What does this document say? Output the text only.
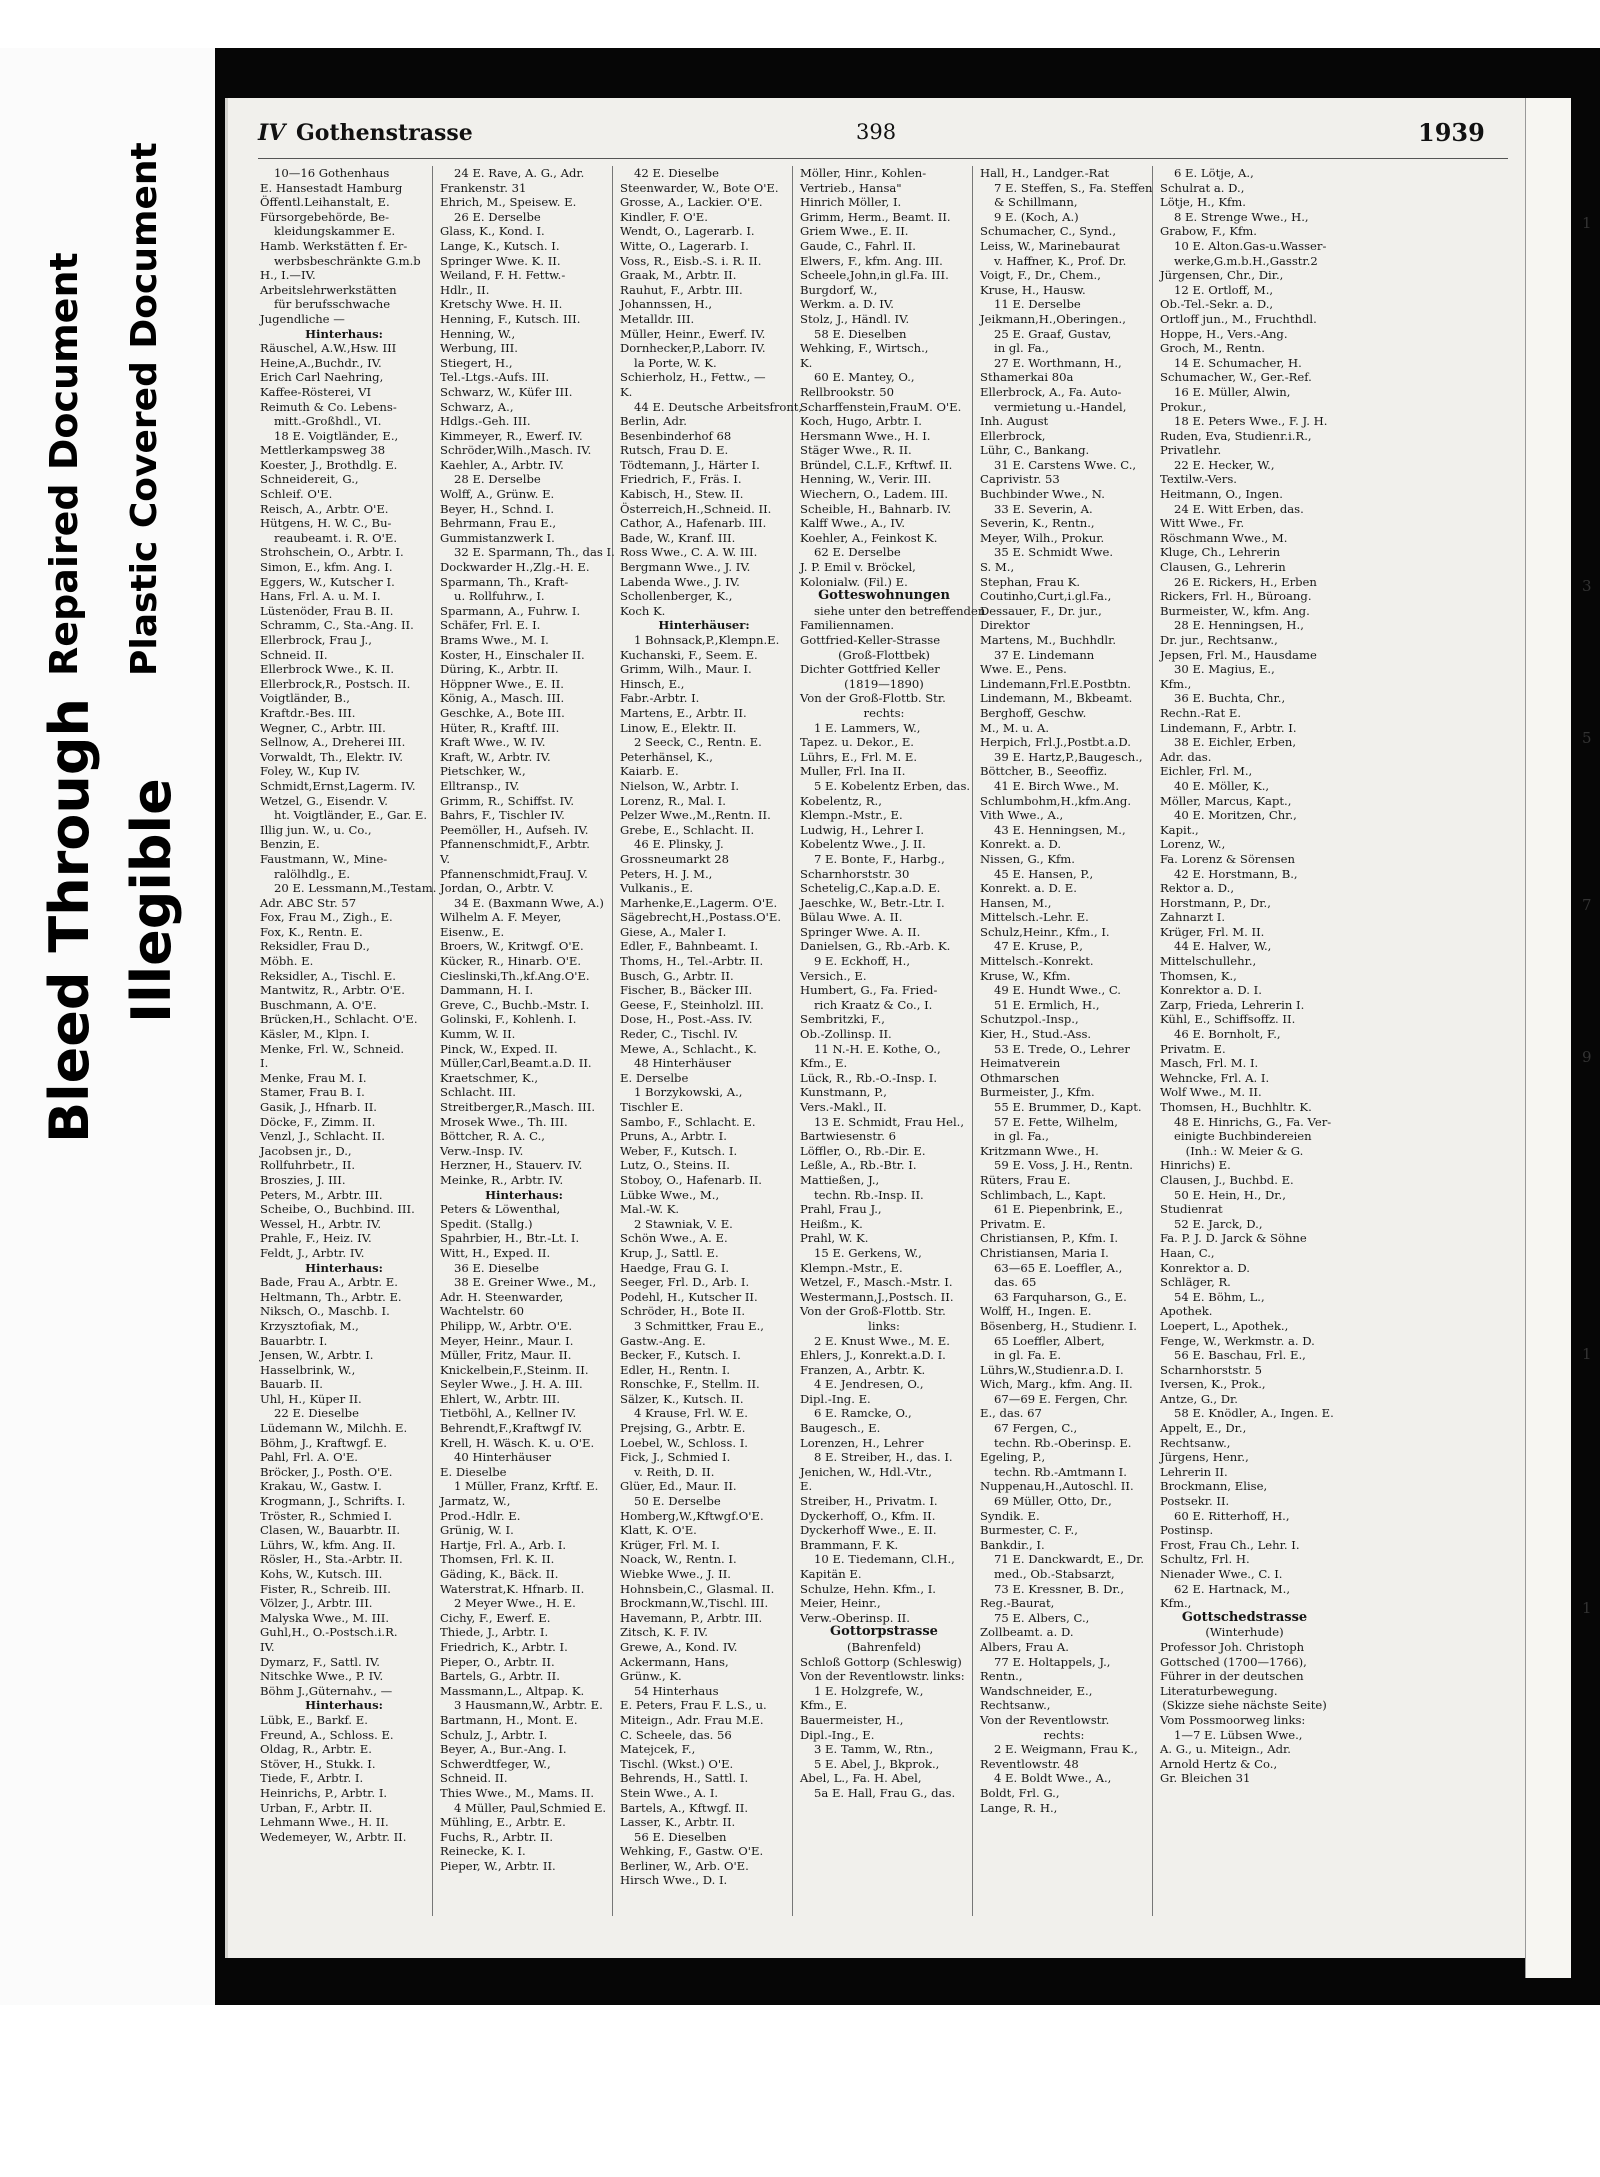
Bleed Through
Repaired Document
Illegible
Plastic Covered Document
IV Gothenstrasse	398	1939

10—16 Gothenhaus

E. Hansestadt Hamburg

Öffentl.Leihanstalt, E.

Fürsorgebehörde, Be-

kleidungskammer E.

Hamb. Werkstätten f. Er-

werbsbeschränkte G.m.b

H., I.—IV.

Arbeitslehrwerkstätten

für berufsschwache

Jugendliche —

Hinterhaus:

Räuschel, A.W.,Hsw. III

Heine,A.,Buchdr., IV.

Erich Carl Naehring,

Kaffee-Rösterei, VI

Reimuth & Co. Lebens-

mitt.-Großhdl., VI.

18 E. Voigtländer, E.,

Mettlerkampsweg 38

Koester, J., Brothdlg. E.

Schneidereit, G.,

Schleif. O'E.

Reisch, A., Arbtr. O'E.

Hütgens, H. W. C., Bu-

reaubeamt. i. R. O'E.

Strohschein, O., Arbtr. I.

Simon, E., kfm. Ang. I.

Eggers, W., Kutscher I.

Hans, Frl. A. u. M. I.

Lüstenöder, Frau B. II.

Schramm, C., Sta.-Ang. II.

Ellerbrock, Frau J.,

Schneid. II.

Ellerbrock Wwe., K. II.

Ellerbrock,R., Postsch. II.

Voigtländer, B.,

Kraftdr.-Bes. III.

Wegner, C., Arbtr. III.

Sellnow, A., Dreherei III.

Vorwaldt, Th., Elektr. IV.

Foley, W., Kup IV.

Schmidt,Ernst,Lagerm. IV.

Wetzel, G., Eisendr. V.

ht. Voigtländer, E., Gar. E.

Illig jun. W., u. Co.,

Benzin, E.

Faustmann, W., Mine-

ralölhdlg., E.

20 E. Lessmann,M.,Testam.

Adr. ABC Str. 57

Fox, Frau M., Zigh., E.

Fox, K., Rentn. E.

Reksidler, Frau D.,

Möbh. E.

Reksidler, A., Tischl. E.

Mantwitz, R., Arbtr. O'E.

Buschmann, A. O'E.

Brücken,H., Schlacht. O'E.

Käsler, M., Klpn. I.

Menke, Frl. W., Schneid.

I.

Menke, Frau M. I.

Stamer, Frau B. I.

Gasik, J., Hfnarb. II.

Döcke, F., Zimm. II.

Venzl, J., Schlacht. II.

Jacobsen jr., D.,

Rollfuhrbetr., II.

Broszies, J. III.

Peters, M., Arbtr. III.

Scheibe, O., Buchbind. III.

Wessel, H., Arbtr. IV.

Prahle, F., Heiz. IV.

Feldt, J., Arbtr. IV.

Hinterhaus:

Bade, Frau A., Arbtr. E.

Heltmann, Th., Arbtr. E.

Niksch, O., Maschb. I.

Krzysztofiak, M.,

Bauarbtr. I.

Jensen, W., Arbtr. I.

Hasselbrink, W.,

Bauarb. II.

Uhl, H., Küper II.

22 E. Dieselbe

Lüdemann W., Milchh. E.

Böhm, J., Kraftwgf. E.

Pahl, Frl. A. O'E.

Bröcker, J., Posth. O'E.

Krakau, W., Gastw. I.

Krogmann, J., Schrifts. I.

Tröster, R., Schmied I.

Clasen, W., Bauarbtr. II.

Lührs, W., kfm. Ang. II.

Rösler, H., Sta.-Arbtr. II.

Kohs, W., Kutsch. III.

Fister, R., Schreib. III.

Völzer, J., Arbtr. III.

Malyska Wwe., M. III.

Guhl,H., O.-Postsch.i.R.

IV.

Dymarz, F., Sattl. IV.

Nitschke Wwe., P. IV.

Böhm J.,Güternahv., —

Hinterhaus:

Lübk, E., Barkf. E.

Freund, A., Schloss. E.

Oldag, R., Arbtr. E.

Stöver, H., Stukk. I.

Tiede, F., Arbtr. I.

Heinrichs, P., Arbtr. I.

Urban, F., Arbtr. II.

Lehmann Wwe., H. II.

Wedemeyer, W., Arbtr. II.

24 E. Rave, A. G., Adr.

Frankenstr. 31

Ehrich, M., Speisew. E.

26 E. Derselbe

Glass, K., Kond. I.

Lange, K., Kutsch. I.

Springer Wwe. K. II.

Weiland, F. H. Fettw.-

Hdlr., II.

Kretschy Wwe. H. II.

Henning, F., Kutsch. III.

Henning, W.,

Werbung, III.

Stiegert, H.,

Tel.-Ltgs.-Aufs. III.

Schwarz, W., Küfer III.

Schwarz, A.,

Hdlgs.-Geh. III.

Kimmeyer, R., Ewerf. IV.

Schröder,Wilh.,Masch. IV.

Kaehler, A., Arbtr. IV.

28 E. Derselbe

Wolff, A., Grünw. E.

Beyer, H., Schnd. I.

Behrmann, Frau E.,

Gummistanzwerk I.

32 E. Sparmann, Th., das I.

Dockwarder H.,Zlg.-H. E.

Sparmann, Th., Kraft-

u. Rollfuhrw., I.

Sparmann, A., Fuhrw. I.

Schäfer, Frl. E. I.

Brams Wwe., M. I.

Koster, H., Einschaler II.

Düring, K., Arbtr. II.

Höppner Wwe., E. II.

König, A., Masch. III.

Geschke, A., Bote III.

Hüter, R., Kraftf. III.

Kraft Wwe., W. IV.

Kraft, W., Arbtr. IV.

Pietschker, W.,

Elltransp., IV.

Grimm, R., Schiffst. IV.

Bahrs, F., Tischler IV.

Peemöller, H., Aufseh. IV.

Pfannenschmidt,F., Arbtr.

V.

Pfannenschmidt,FrauJ. V.

Jordan, O., Arbtr. V.

34 E. (Baxmann Wwe, A.)

Wilhelm A. F. Meyer,

Eisenw., E.

Broers, W., Kritwgf. O'E.

Kücker, R., Hinarb. O'E.

Cieslinski,Th.,kf.Ang.O'E.

Dammann, H. I.

Greve, C., Buchb.-Mstr. I.

Golinski, F., Kohlenh. I.

Kumm, W. II.

Pinck, W., Exped. II.

Müller,Carl,Beamt.a.D. II.

Kraetschmer, K.,

Schlacht. III.

Streitberger,R.,Masch. III.

Mrosek Wwe., Th. III.

Böttcher, R. A. C.,

Verw.-Insp. IV.

Herzner, H., Stauerv. IV.

Meinke, R., Arbtr. IV.

Hinterhaus:

Peters & Löwenthal,

Spedit. (Stallg.)

Spahrbier, H., Btr.-Lt. I.

Witt, H., Exped. II.

36 E. Dieselbe

38 E. Greiner Wwe., M.,

Adr. H. Steenwarder,

Wachtelstr. 60

Philipp, W., Arbtr. O'E.

Meyer, Heinr., Maur. I.

Müller, Fritz, Maur. II.

Knickelbein,F.,Steinm. II.

Seyler Wwe., J. H. A. III.

Ehlert, W., Arbtr. III.

Tietböhl, A., Kellner IV.

Behrendt,F.,Kraftwgf IV.

Krell, H. Wäsch. K. u. O'E.

40 Hinterhäuser

E. Dieselbe

1 Müller, Franz, Krftf. E.

Jarmatz, W.,

Prod.-Hdlr. E.

Grünig, W. I.

Hartje, Frl. A., Arb. I.

Thomsen, Frl. K. II.

Gäding, K., Bäck. II.

Waterstrat,K. Hfnarb. II.

2 Meyer Wwe., H. E.

Cichy, F., Ewerf. E.

Thiede, J., Arbtr. I.

Friedrich, K., Arbtr. I.

Pieper, O., Arbtr. II.

Bartels, G., Arbtr. II.

Massmann,L., Altpap. K.

3 Hausmann,W., Arbtr. E.

Bartmann, H., Mont. E.

Schulz, J., Arbtr. I.

Beyer, A., Bur.-Ang. I.

Schwerdtfeger, W.,

Schneid. II.

Thies Wwe., M., Mams. II.

4 Müller, Paul,Schmied E.

Mühling, E., Arbtr. E.

Fuchs, R., Arbtr. II.

Reinecke, K. I.

Pieper, W., Arbtr. II.

42 E. Dieselbe

Steenwarder, W., Bote O'E.

Grosse, A., Lackier. O'E.

Kindler, F. O'E.

Wendt, O., Lagerarb. I.

Witte, O., Lagerarb. I.

Voss, R., Eisb.-S. i. R. II.

Graak, M., Arbtr. II.

Rauhut, F., Arbtr. III.

Johannssen, H.,

Metalldr. III.

Müller, Heinr., Ewerf. IV.

Dornhecker,P.,Laborr. IV.

la Porte, W. K.

Schierholz, H., Fettw., —

K.

44 E. Deutsche Arbeitsfront,

Berlin, Adr.

Besenbinderhof 68

Rutsch, Frau D. E.

Tödtemann, J., Härter I.

Friedrich, F., Fräs. I.

Kabisch, H., Stew. II.

Österreich,H.,Schneid. II.

Cathor, A., Hafenarb. III.

Bade, W., Kranf. III.

Ross Wwe., C. A. W. III.

Bergmann Wwe., J. IV.

Labenda Wwe., J. IV.

Schollenberger, K.,

Koch K.

Hinterhäuser:

1 Bohnsack,P.,Klempn.E.

Kuchanski, F., Seem. E.

Grimm, Wilh., Maur. I.

Hinsch, E.,

Fabr.-Arbtr. I.

Martens, E., Arbtr. II.

Linow, E., Elektr. II.

2 Seeck, C., Rentn. E.

Peterhänsel, K.,

Kaiarb. E.

Nielson, W., Arbtr. I.

Lorenz, R., Mal. I.

Pelzer Wwe.,M.,Rentn. II.

Grebe, E., Schlacht. II.

46 E. Plinsky, J.

Grossneumarkt 28

Peters, H. J. M.,

Vulkanis., E.

Marhenke,E.,Lagerm. O'E.

Sägebrecht,H.,Postass.O'E.

Giese, A., Maler I.

Edler, F., Bahnbeamt. I.

Thoms, H., Tel.-Arbtr. II.

Busch, G., Arbtr. II.

Fischer, B., Bäcker III.

Geese, F., Steinholzl. III.

Dose, H., Post.-Ass. IV.

Reder, C., Tischl. IV.

Mewe, A., Schlacht., K.

48 Hinterhäuser

E. Derselbe

1 Borzykowski, A.,

Tischler E.

Sambo, F., Schlacht. E.

Pruns, A., Arbtr. I.

Weber, F., Kutsch. I.

Lutz, O., Steins. II.

Stoboy, O., Hafenarb. II.

Lübke Wwe., M.,

Mal.-W. K.

2 Stawniak, V. E.

Schön Wwe., A. E.

Krup, J., Sattl. E.

Haedge, Frau G. I.

Seeger, Frl. D., Arb. I.

Podehl, H., Kutscher II.

Schröder, H., Bote II.

3 Schmittker, Frau E.,

Gastw.-Ang. E.

Becker, F., Kutsch. I.

Edler, H., Rentn. I.

Ronschke, F., Stellm. II.

Sälzer, K., Kutsch. II.

4 Krause, Frl. W. E.

Prejsing, G., Arbtr. E.

Loebel, W., Schloss. I.

Fick, J., Schmied I.

v. Reith, D. II.

Glüer, Ed., Maur. II.

50 E. Derselbe

Homberg,W.,Kftwgf.O'E.

Klatt, K. O'E.

Krüger, Frl. M. I.

Noack, W., Rentn. I.

Wiebke Wwe., J. II.

Hohnsbein,C., Glasmal. II.

Brockmann,W.,Tischl. III.

Havemann, P., Arbtr. III.

Zitsch, K. F. IV.

Grewe, A., Kond. IV.

Ackermann, Hans,

Grünw., K.

54 Hinterhaus

E. Peters, Frau F. L.S., u.

Miteign., Adr. Frau M.E.

C. Scheele, das. 56

Matejcek, F.,

Tischl. (Wkst.) O'E.

Behrends, H., Sattl. I.

Stein Wwe., A. I.

Bartels, A., Kftwgf. II.

Lasser, K., Arbtr. II.

56 E. Dieselben

Wehking, F., Gastw. O'E.

Berliner, W., Arb. O'E.

Hirsch Wwe., D. I.

Möller, Hinr., Kohlen-

Vertrieb., Hansa"

Hinrich Möller, I.

Grimm, Herm., Beamt. II.

Griem Wwe., E. II.

Gaude, C., Fahrl. II.

Elwers, F., kfm. Ang. III.

Scheele,John,in gl.Fa. III.

Burgdorf, W.,

Werkm. a. D. IV.

Stolz, J., Händl. IV.

58 E. Dieselben

Wehking, F., Wirtsch.,

K.

60 E. Mantey, O.,

Rellbrookstr. 50

Scharffenstein,FrauM. O'E.

Koch, Hugo, Arbtr. I.

Hersmann Wwe., H. I.

Stäger Wwe., R. II.

Bründel, C.L.F., Krftwf. II.

Henning, W., Verir. III.

Wiechern, O., Ladem. III.

Scheible, H., Bahnarb. IV.

Kalff Wwe., A., IV.

Koehler, A., Feinkost K.

62 E. Derselbe

J. P. Emil v. Bröckel,

Kolonialw. (Fil.) E.

Gotteswohnungen

siehe unter den betreffenden

Familiennamen.

Gottfried-Keller-Strasse

(Groß-Flottbek)

Dichter Gottfried Keller

(1819—1890)

Von der Groß-Flottb. Str.

rechts:

1 E. Lammers, W.,

Tapez. u. Dekor., E.

Lührs, E., Frl. M. E.

Muller, Frl. Ina II.

5 E. Kobelentz Erben, das.

Kobelentz, R.,

Klempn.-Mstr., E.

Ludwig, H., Lehrer I.

Kobelentz Wwe., J. II.

7 E. Bonte, F., Harbg.,

Scharnhorststr. 30

Schetelig,C.,Kap.a.D. E.

Jaeschke, W., Betr.-Ltr. I.

Bülau Wwe. A. II.

Springer Wwe. A. II.

Danielsen, G., Rb.-Arb. K.

9 E. Eckhoff, H.,

Versich., E.

Humbert, G., Fa. Fried-

rich Kraatz & Co., I.

Sembritzki, F.,

Ob.-Zollinsp. II.

11 N.-H. E. Kothe, O.,

Kfm., E.

Lück, R., Rb.-O.-Insp. I.

Kunstmann, P.,

Vers.-Makl., II.

13 E. Schmidt, Frau Hel.,

Bartwiesenstr. 6

Löffler, O., Rb.-Dir. E.

Leßle, A., Rb.-Btr. I.

Mattießen, J.,

techn. Rb.-Insp. II.

Prahl, Frau J.,

Heißm., K.

Prahl, W. K.

15 E. Gerkens, W.,

Klempn.-Mstr., E.

Wetzel, F., Masch.-Mstr. I.

Westermann,J.,Postsch. II.

Von der Groß-Flottb. Str.

links:

2 E. Knust Wwe., M. E.

Ehlers, J., Konrekt.a.D. I.

Franzen, A., Arbtr. K.

4 E. Jendresen, O.,

Dipl.-Ing. E.

6 E. Ramcke, O.,

Baugesch., E.

Lorenzen, H., Lehrer

8 E. Streiber, H., das. I.

Jenichen, W., Hdl.-Vtr.,

E.

Streiber, H., Privatm. I.

Dyckerhoff, O., Kfm. II.

Dyckerhoff Wwe., E. II.

Brammann, F. K.

10 E. Tiedemann, Cl.H.,

Kapitän E.

Schulze, Hehn. Kfm., I.

Meier, Heinr.,

Verw.-Oberinsp. II.

Gottorpstrasse

(Bahrenfeld)

Schloß Gottorp (Schleswig)

Von der Reventlowstr. links:

1 E. Holzgrefe, W.,

Kfm., E.

Bauermeister, H.,

Dipl.-Ing., E.

3 E. Tamm, W., Rtn.,

5 E. Abel, J., Bkprok.,

Abel, L., Fa. H. Abel,

5a E. Hall, Frau G., das.

Hall, H., Landger.-Rat

7 E. Steffen, S., Fa. Steffen

& Schillmann,

9 E. (Koch, A.)

Schumacher, C., Synd.,

Leiss, W., Marinebaurat

v. Haffner, K., Prof. Dr.

Voigt, F., Dr., Chem.,

Kruse, H., Hausw.

11 E. Derselbe

Jeikmann,H.,Oberingen.,

25 E. Graaf, Gustav,

in gl. Fa.,

27 E. Worthmann, H.,

Sthamerkai 80a

Ellerbrock, A., Fa. Auto-

vermietung u.-Handel,

Inh. August

Ellerbrock,

Lühr, C., Bankang.

31 E. Carstens Wwe. C.,

Caprivistr. 53

Buchbinder Wwe., N.

33 E. Severin, A.

Severin, K., Rentn.,

Meyer, Wilh., Prokur.

35 E. Schmidt Wwe.

S. M.,

Stephan, Frau K.

Coutinho,Curt,i.gl.Fa.,

Dessauer, F., Dr. jur.,

Direktor

Martens, M., Buchhdlr.

37 E. Lindemann

Wwe. E., Pens.

Lindemann,Frl.E.Postbtn.

Lindemann, M., Bkbeamt.

Berghoff, Geschw.

M., M. u. A.

Herpich, Frl.J.,Postbt.a.D.

39 E. Hartz,P.,Baugesch.,

Böttcher, B., Seeoffiz.

41 E. Birch Wwe., M.

Schlumbohm,H.,kfm.Ang.

Vith Wwe., A.,

43 E. Henningsen, M.,

Konrekt. a. D.

Nissen, G., Kfm.

45 E. Hansen, P.,

Konrekt. a. D. E.

Hansen, M.,

Mittelsch.-Lehr. E.

Schulz,Heinr., Kfm., I.

47 E. Kruse, P.,

Mittelsch.-Konrekt.

Kruse, W., Kfm.

49 E. Hundt Wwe., C.

51 E. Ermlich, H.,

Schutzpol.-Insp.,

Kier, H., Stud.-Ass.

53 E. Trede, O., Lehrer

Heimatverein

Othmarschen

Burmeister, J., Kfm.

55 E. Brummer, D., Kapt.

57 E. Fette, Wilhelm,

in gl. Fa.,

Kritzmann Wwe., H.

59 E. Voss, J. H., Rentn.

Rüters, Frau E.

Schlimbach, L., Kapt.

61 E. Piepenbrink, E.,

Privatm. E.

Christiansen, P., Kfm. I.

Christiansen, Maria I.

63—65 E. Loeffler, A.,

das. 65

63 Farquharson, G., E.

Wolff, H., Ingen. E.

Bösenberg, H., Studienr. I.

65 Loeffler, Albert,

in gl. Fa. E.

Lührs,W.,Studienr.a.D. I.

Wich, Marg., kfm. Ang. II.

67—69 E. Fergen, Chr.

E., das. 67

67 Fergen, C.,

techn. Rb.-Oberinsp. E.

Egeling, P.,

techn. Rb.-Amtmann I.

Nuppenau,H.,Autoschl. II.

69 Müller, Otto, Dr.,

Syndik. E.

Burmester, C. F.,

Bankdir., I.

71 E. Danckwardt, E., Dr.

med., Ob.-Stabsarzt,

73 E. Kressner, B. Dr.,

Reg.-Baurat,

75 E. Albers, C.,

Zollbeamt. a. D.

Albers, Frau A.

77 E. Holtappels, J.,

Rentn.,

Wandschneider, E.,

Rechtsanw.,

Von der Reventlowstr.

rechts:

2 E. Weigmann, Frau K.,

Reventlowstr. 48

4 E. Boldt Wwe., A.,

Boldt, Frl. G.,

Lange, R. H.,

6 E. Lötje, A.,

Schulrat a. D.,

Lötje, H., Kfm.

8 E. Strenge Wwe., H.,

Grabow, F., Kfm.

10 E. Alton.Gas-u.Wasser-

werke,G.m.b.H.,Gasstr.2

Jürgensen, Chr., Dir.,

12 E. Ortloff, M.,

Ob.-Tel.-Sekr. a. D.,

Ortloff jun., M., Fruchthdl.

Hoppe, H., Vers.-Ang.

Groch, M., Rentn.

14 E. Schumacher, H.

Schumacher, W., Ger.-Ref.

16 E. Müller, Alwin,

Prokur.,

18 E. Peters Wwe., F. J. H.

Ruden, Eva, Studienr.i.R.,

Privatlehr.

22 E. Hecker, W.,

Textilw.-Vers.

Heitmann, O., Ingen.

24 E. Witt Erben, das.

Witt Wwe., Fr.

Röschmann Wwe., M.

Kluge, Ch., Lehrerin

Clausen, G., Lehrerin

26 E. Rickers, H., Erben

Rickers, Frl. H., Büroang.

Burmeister, W., kfm. Ang.

28 E. Henningsen, H.,

Dr. jur., Rechtsanw.,

Jepsen, Frl. M., Hausdame

30 E. Magius, E.,

Kfm.,

36 E. Buchta, Chr.,

Rechn.-Rat E.

Lindemann, F., Arbtr. I.

38 E. Eichler, Erben,

Adr. das.

Eichler, Frl. M.,

40 E. Möller, K.,

Möller, Marcus, Kapt.,

40 E. Moritzen, Chr.,

Kapit.,

Lorenz, W.,

Fa. Lorenz & Sörensen

42 E. Horstmann, B.,

Rektor a. D.,

Horstmann, P., Dr.,

Zahnarzt I.

Krüger, Frl. M. II.

44 E. Halver, W.,

Mittelschullehr.,

Thomsen, K.,

Konrektor a. D. I.

Zarp, Frieda, Lehrerin I.

Kühl, E., Schiffsoffz. II.

46 E. Bornholt, F.,

Privatm. E.

Masch, Frl. M. I.

Wehncke, Frl. A. I.

Wolf Wwe., M. II.

Thomsen, H., Buchhltr. K.

48 E. Hinrichs, G., Fa. Ver-

einigte Buchbindereien

(Inh.: W. Meier & G.

Hinrichs) E.

Clausen, J., Buchbd. E.

50 E. Hein, H., Dr.,

Studienrat

52 E. Jarck, D.,

Fa. P. J. D. Jarck & Söhne

Haan, C.,

Konrektor a. D.

Schläger, R.

54 E. Böhm, L.,

Apothek.

Loepert, L., Apothek.,

Fenge, W., Werkmstr. a. D.

56 E. Baschau, Frl. E.,

Scharnhorststr. 5

Iversen, K., Prok.,

Antze, G., Dr.

58 E. Knödler, A., Ingen. E.

Appelt, E., Dr.,

Rechtsanw.,

Jürgens, Henr.,

Lehrerin II.

Brockmann, Elise,

Postsekr. II.

60 E. Ritterhoff, H.,

Postinsp.

Frost, Frau Ch., Lehr. I.

Schultz, Frl. H.

Nienader Wwe., C. I.

62 E. Hartnack, M.,

Kfm.,

Gottschedstrasse

(Winterhude)

Professor Joh. Christoph

Gottsched (1700—1766),

Führer in der deutschen

Literaturbewegung.

(Skizze siehe nächste Seite)

Vom Possmoorweg links:

1—7 E. Lübsen Wwe.,

A. G., u. Miteign., Adr.

Arnold Hertz & Co.,

Gr. Bleichen 31

1
3
5
7
9
1
1
